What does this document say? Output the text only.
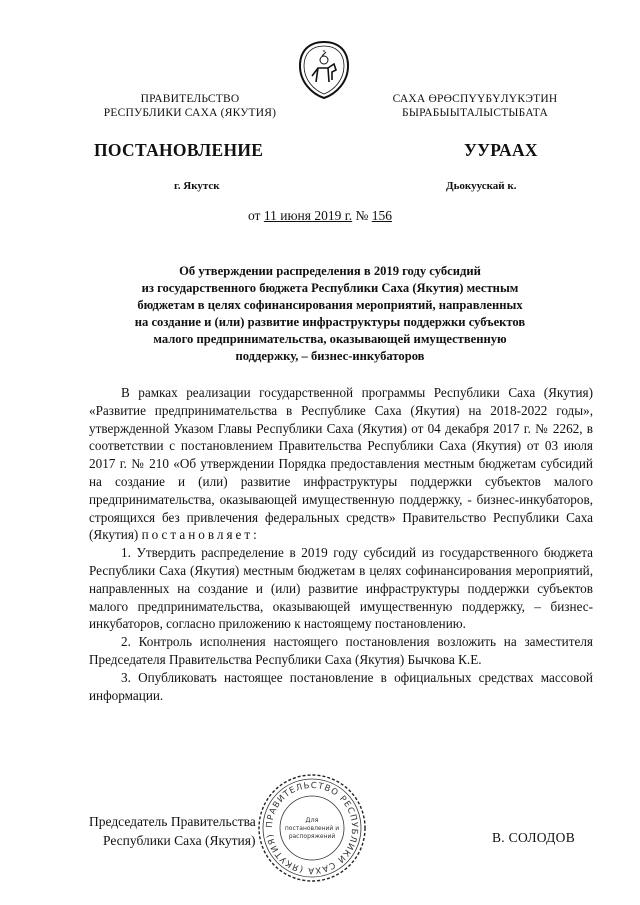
ПРАВИТЕЛЬСТВО
РЕСПУБЛИКИ САХА (ЯКУТИЯ)
САХА ӨРӨСПҮҮБҮЛҮКЭТИН
БЫРАБЫЫТАЛЫСТЫБАТА
ПОСТАНОВЛЕНИЕ	УУРААХ
г. Якутск	Дьокуускай к.
от 11 июня 2019 г. № 156
Об утверждении распределения в 2019 году субсидий
из государственного бюджета Республики Саха (Якутия) местным
бюджетам в целях софинансирования мероприятий, направленных
на создание и (или) развитие инфраструктуры поддержки субъектов
малого предпринимательства, оказывающей имущественную
поддержку, – бизнес-инкубаторов

В рамках реализации государственной программы Республики Саха (Якутия) «Развитие предпринимательства в Республике Саха (Якутия) на 2018-2022 годы», утвержденной Указом Главы Республики Саха (Якутия) от 04 декабря 2017 г. № 2262, в соответствии с постановлением Правительства Республики Саха (Якутия) от 03 июля 2017 г. № 210 «Об утверждении Порядка предоставления местным бюджетам субсидий на создание и (или) развитие инфраструктуры поддержки субъектов малого предпринимательства, оказывающей имущественную поддержку, - бизнес-инкубаторов, строящихся без привлечения федеральных средств» Правительство Республики Саха (Якутия) постановляет:

1. Утвердить распределение в 2019 году субсидий из государственного бюджета Республики Саха (Якутия) местным бюджетам в целях софинансирования мероприятий, направленных на создание и (или) развитие инфраструктуры поддержки субъектов малого предпринимательства, оказывающей имущественную поддержку, – бизнес-инкубаторов, согласно приложению к настоящему постановлению.

2. Контроль исполнения настоящего постановления возложить на заместителя Председателя Правительства Республики Саха (Якутия) Бычкова К.Е.

3. Опубликовать настоящее постановление в официальных средствах массовой информации.

Председатель Правительства
Республики Саха (Якутия)	В. СОЛОДОВ
ПРАВИТЕЛЬСТВО РЕСПУБЛИКИ САХА (ЯКУТИЯ)
Для
постановлений и
распоряжений
